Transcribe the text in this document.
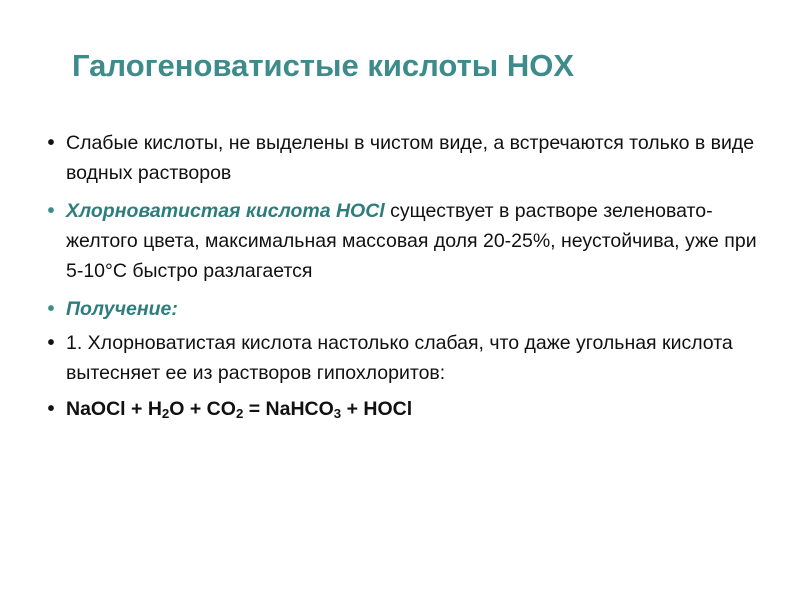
Галогеноватистые кислоты HOX
• Слабые кислоты, не выделены в чистом виде, а встречаются только в виде водных растворов
• Хлорноватистая кислота HOCl существует в растворе зеленовато-желтого цвета, максимальная массовая доля 20-25%, неустойчива, уже при 5-10°С быстро разлагается
• Получение:
• 1. Хлорноватистая кислота настолько слабая, что даже угольная кислота вытесняет ее из растворов гипохлоритов:
• NaOCl + $H_2O + CO_2$ = NaHCO$_3$ + HOCl
